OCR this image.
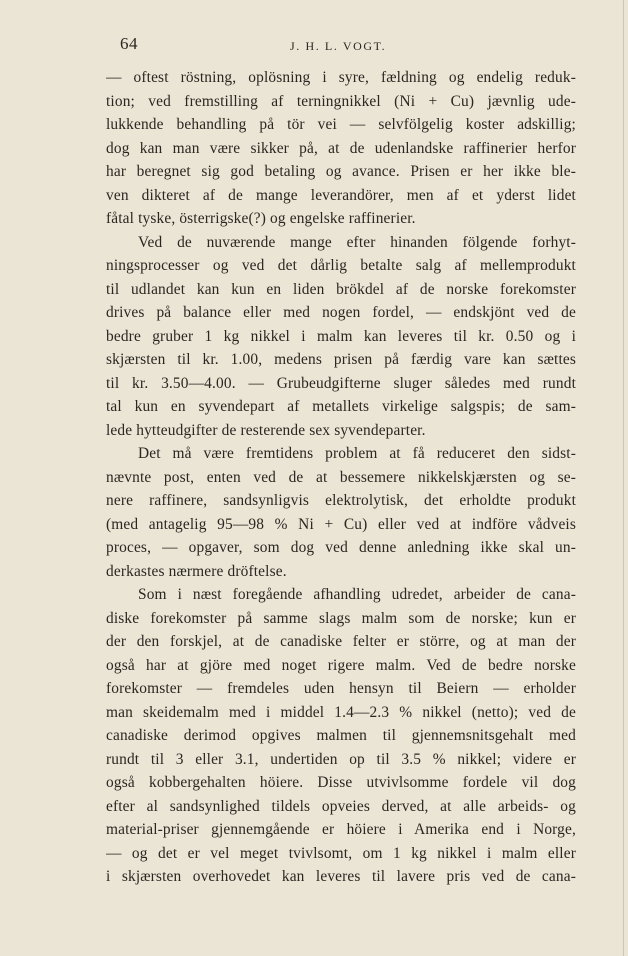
64	J. H. L. VOGT.
— oftest röstning, oplösning i syre, fældning og endelig reduk-
tion; ved fremstilling af terningnikkel (Ni + Cu) jævnlig ude-
lukkende behandling på tör vei — selvfölgelig koster adskillig;
dog kan man være sikker på, at de udenlandske raffinerier herfor
har beregnet sig god betaling og avance. Prisen er her ikke ble-
ven dikteret af de mange leverandörer, men af et yderst lidet
fåtal tyske, österrigske(?) og engelske raffinerier.
Ved de nuværende mange efter hinanden fölgende forhyt-
ningsprocesser og ved det dårlig betalte salg af mellemprodukt
til udlandet kan kun en liden brökdel af de norske forekomster
drives på balance eller med nogen fordel, — endskjönt ved de
bedre gruber 1 kg nikkel i malm kan leveres til kr. 0.50 og i
skjærsten til kr. 1.00, medens prisen på færdig vare kan sættes
til kr. 3.50—4.00. — Grubeudgifterne sluger således med rundt
tal kun en syvendepart af metallets virkelige salgspis; de sam-
lede hytteudgifter de resterende sex syvendeparter.
Det må være fremtidens problem at få reduceret den sidst-
nævnte post, enten ved de at bessemere nikkelskjærsten og se-
nere raffinere, sandsynligvis elektrolytisk, det erholdte produkt
(med antagelig 95—98 % Ni + Cu) eller ved at indföre vådveis
proces, — opgaver, som dog ved denne anledning ikke skal un-
derkastes nærmere dröftelse.
Som i næst foregående afhandling udredet, arbeider de cana-
diske forekomster på samme slags malm som de norske; kun er
der den forskjel, at de canadiske felter er större, og at man der
også har at gjöre med noget rigere malm. Ved de bedre norske
forekomster — fremdeles uden hensyn til Beiern — erholder
man skeidemalm med i middel 1.4—2.3 % nikkel (netto); ved de
canadiske derimod opgives malmen til gjennemsnitsgehalt med
rundt til 3 eller 3.1, undertiden op til 3.5 % nikkel; videre er
også kobbergehalten höiere. Disse utvivlsomme fordele vil dog
efter al sandsynlighed tildels opveies derved, at alle arbeids- og
material-priser gjennemgående er höiere i Amerika end i Norge,
— og det er vel meget tvivlsomt, om 1 kg nikkel i malm eller
i skjærsten overhovedet kan leveres til lavere pris ved de cana-
